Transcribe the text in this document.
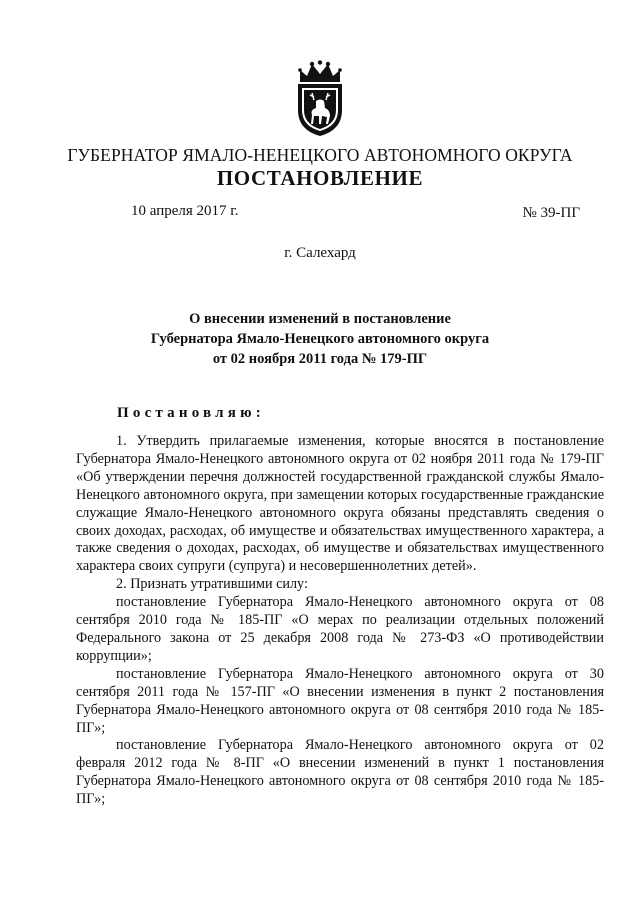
ГУБЕРНАТОР ЯМАЛО-НЕНЕЦКОГО АВТОНОМНОГО ОКРУГА
ПОСТАНОВЛЕНИЕ
10 апреля 2017 г.	№ 39-ПГ
г. Салехард
О внесении изменений в постановление
Губернатора Ямало-Ненецкого автономного округа
от 02 ноября 2011 года № 179-ПГ
Постановляю:

1. Утвердить прилагаемые изменения, которые вносятся в постановление Губернатора Ямало-Ненецкого автономного округа от 02 ноября 2011 года № 179-ПГ «Об утверждении перечня должностей государственной гражданской службы Ямало-Ненецкого автономного округа, при замещении которых государственные гражданские служащие Ямало-Ненецкого автономного округа обязаны представлять сведения о своих доходах, расходах, об имуществе и обязательствах имущественного характера, а также сведения о доходах, расходах, об имуществе и обязательствах имущественного характера своих супруги (супруга) и несовершеннолетних детей».

2. Признать утратившими силу:

постановление Губернатора Ямало-Ненецкого автономного округа от 08 сентября 2010 года № 185-ПГ «О мерах по реализации отдельных положений Федерального закона от 25 декабря 2008 года № 273-ФЗ «О противодействии коррупции»;

постановление Губернатора Ямало-Ненецкого автономного округа от 30 сентября 2011 года № 157-ПГ «О внесении изменения в пункт 2 постановления Губернатора Ямало-Ненецкого автономного округа от 08 сентября 2010 года № 185-ПГ»;

постановление Губернатора Ямало-Ненецкого автономного округа от 02 февраля 2012 года № 8-ПГ «О внесении изменений в пункт 1 постановления Губернатора Ямало-Ненецкого автономного округа от 08 сентября 2010 года № 185-ПГ»;
